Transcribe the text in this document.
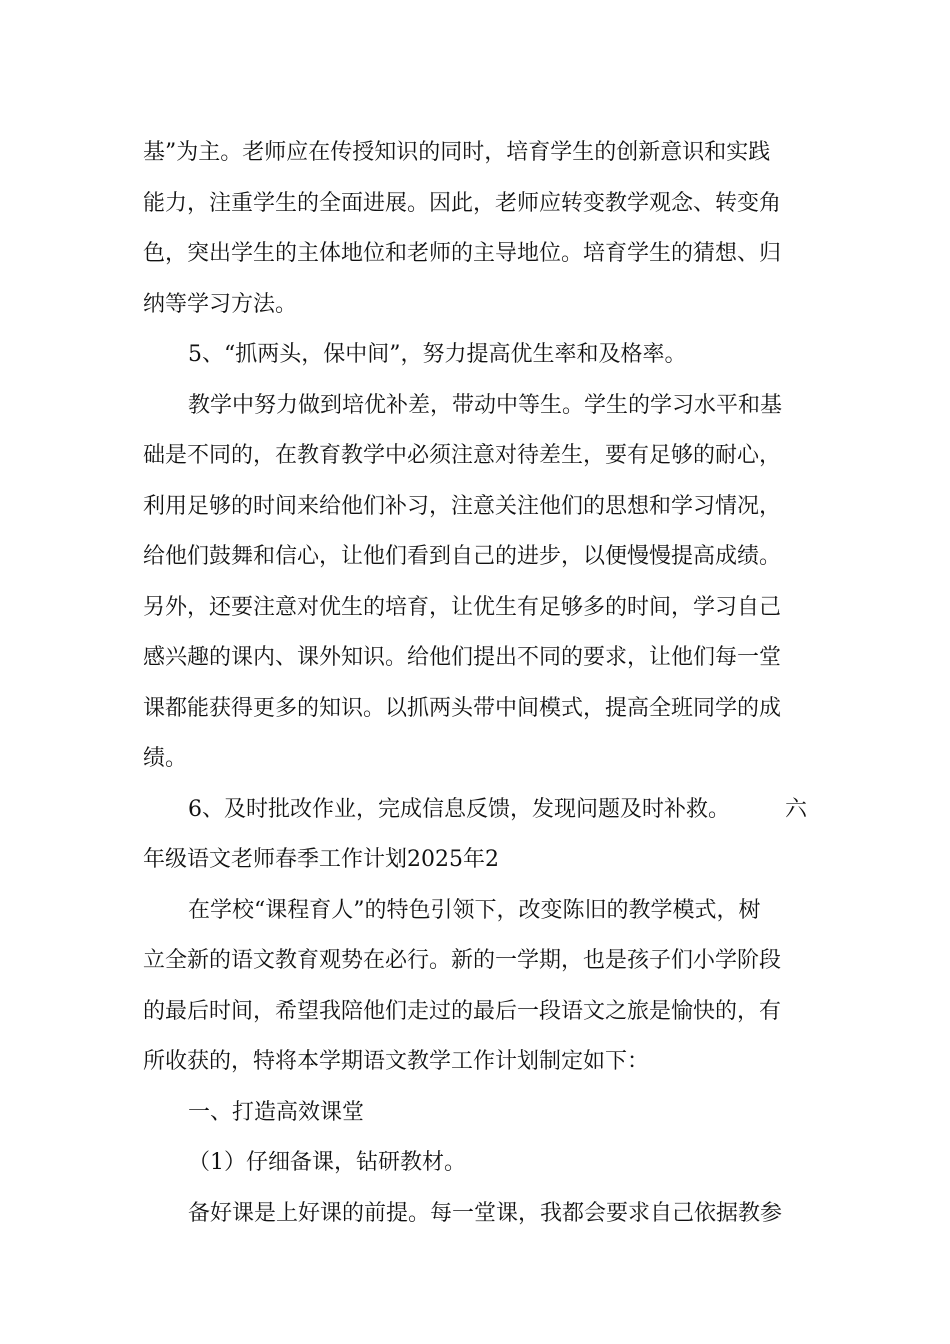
基”为主。老师应在传授知识的同时，培育学生的创新意识和实践
能力，注重学生的全面进展。因此，老师应转变教学观念、转变角
色，突出学生的主体地位和老师的主导地位。培育学生的猜想、归
纳等学习方法。
5、“抓两头，保中间”，努力提高优生率和及格率。
教学中努力做到培优补差，带动中等生。学生的学习水平和基
础是不同的，在教育教学中必须注意对待差生，要有足够的耐心，
利用足够的时间来给他们补习，注意关注他们的思想和学习情况，
给他们鼓舞和信心，让他们看到自己的进步，以便慢慢提高成绩。
另外，还要注意对优生的培育，让优生有足够多的时间，学习自己
感兴趣的课内、课外知识。给他们提出不同的要求，让他们每一堂
课都能获得更多的知识。以抓两头带中间模式，提高全班同学的成
绩。
6、及时批改作业，完成信息反馈，发现问题及时补救。 六
年级语文老师春季工作计划2025年2
在学校“课程育人”的特色引领下，改变陈旧的教学模式，树
立全新的语文教育观势在必行。新的一学期，也是孩子们小学阶段
的最后时间，希望我陪他们走过的最后一段语文之旅是愉快的，有
所收获的，特将本学期语文教学工作计划制定如下：
一、打造高效课堂
（1）仔细备课，钻研教材。
备好课是上好课的前提。每一堂课，我都会要求自己依据教参
